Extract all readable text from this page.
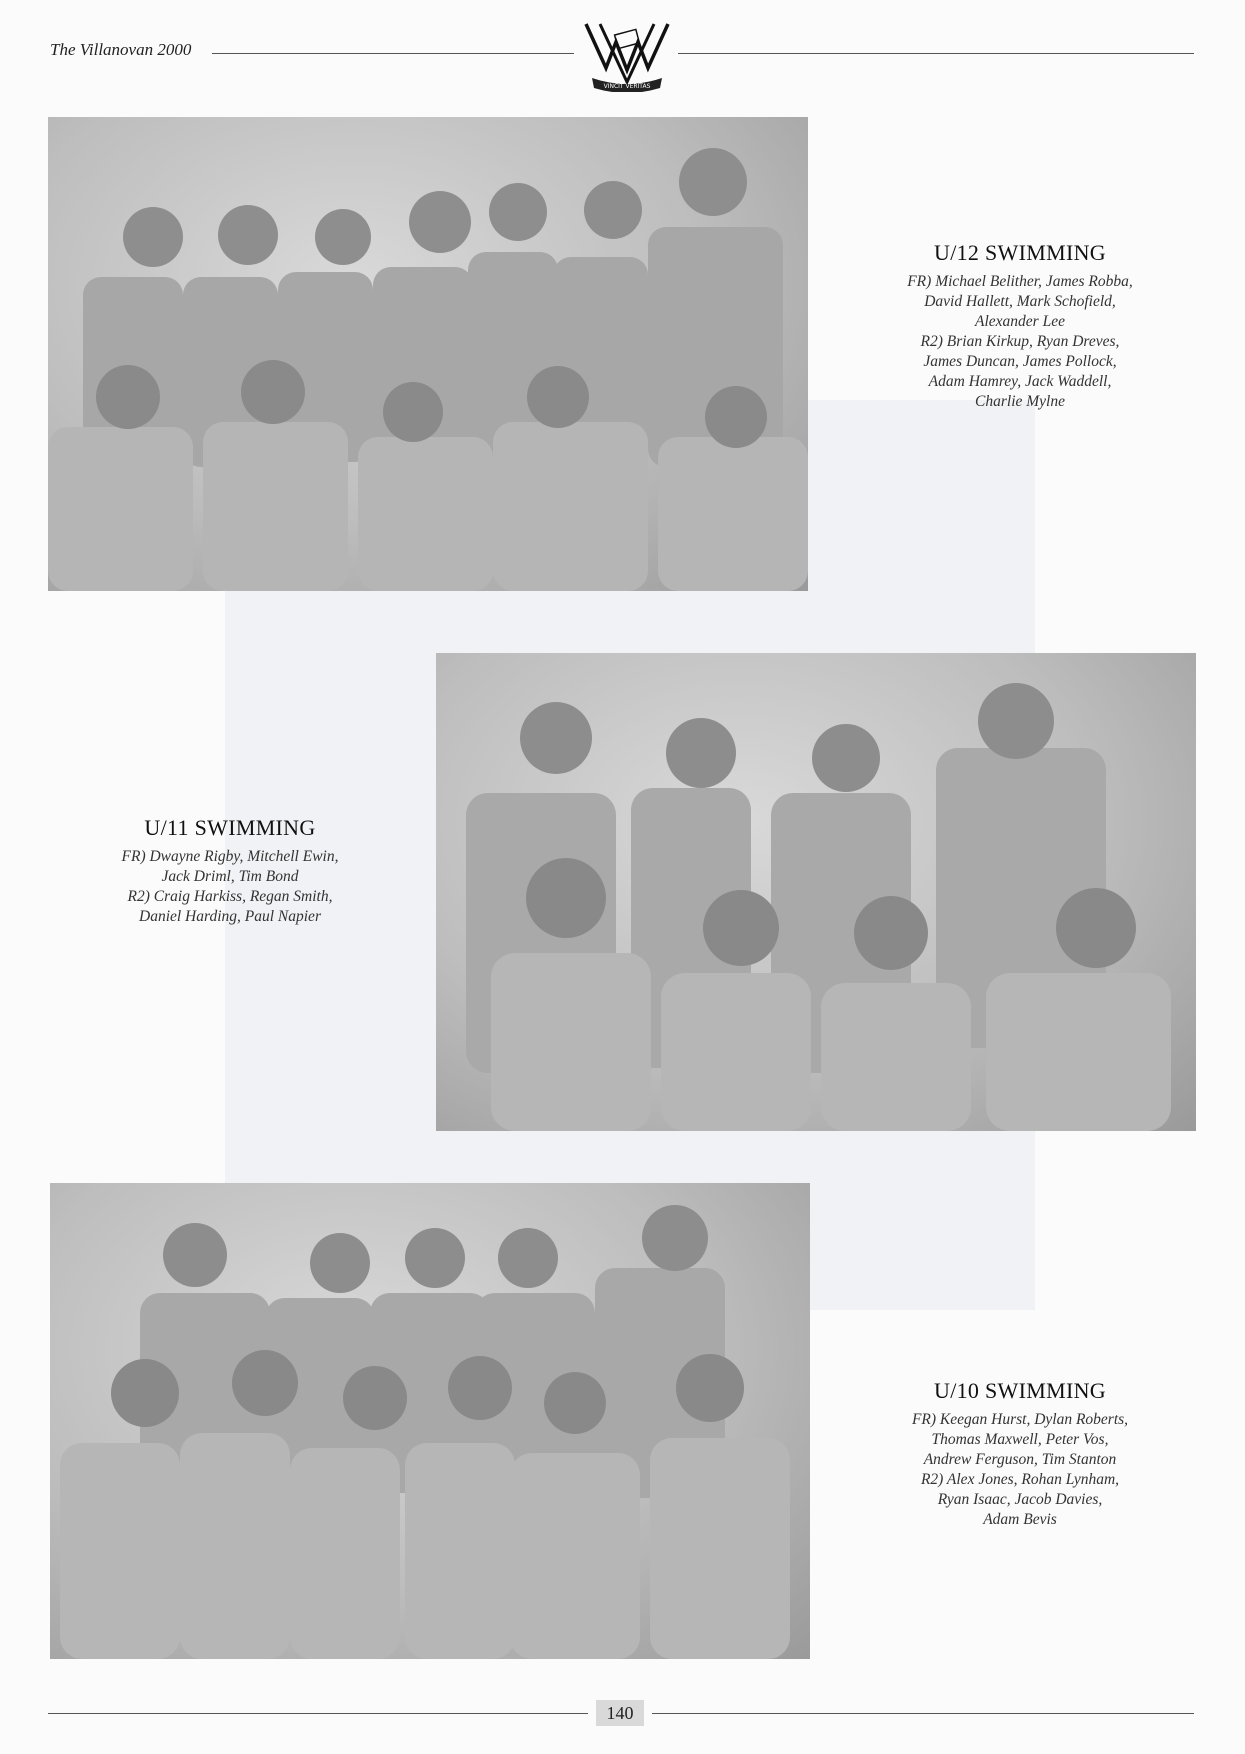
The Villanovan 2000
VINCIT VERITAS
U/12 SWIMMING
FR) Michael Belither, James Robba,
David Hallett, Mark Schofield,
Alexander Lee
R2) Brian Kirkup, Ryan Dreves,
James Duncan, James Pollock,
Adam Hamrey, Jack Waddell,
Charlie Mylne
U/11 SWIMMING
FR) Dwayne Rigby, Mitchell Ewin,
Jack Driml, Tim Bond
R2) Craig Harkiss, Regan Smith,
Daniel Harding, Paul Napier
U/10 SWIMMING
FR) Keegan Hurst, Dylan Roberts,
Thomas Maxwell, Peter Vos,
Andrew Ferguson, Tim Stanton
R2) Alex Jones, Rohan Lynham,
Ryan Isaac, Jacob Davies,
Adam Bevis
140
